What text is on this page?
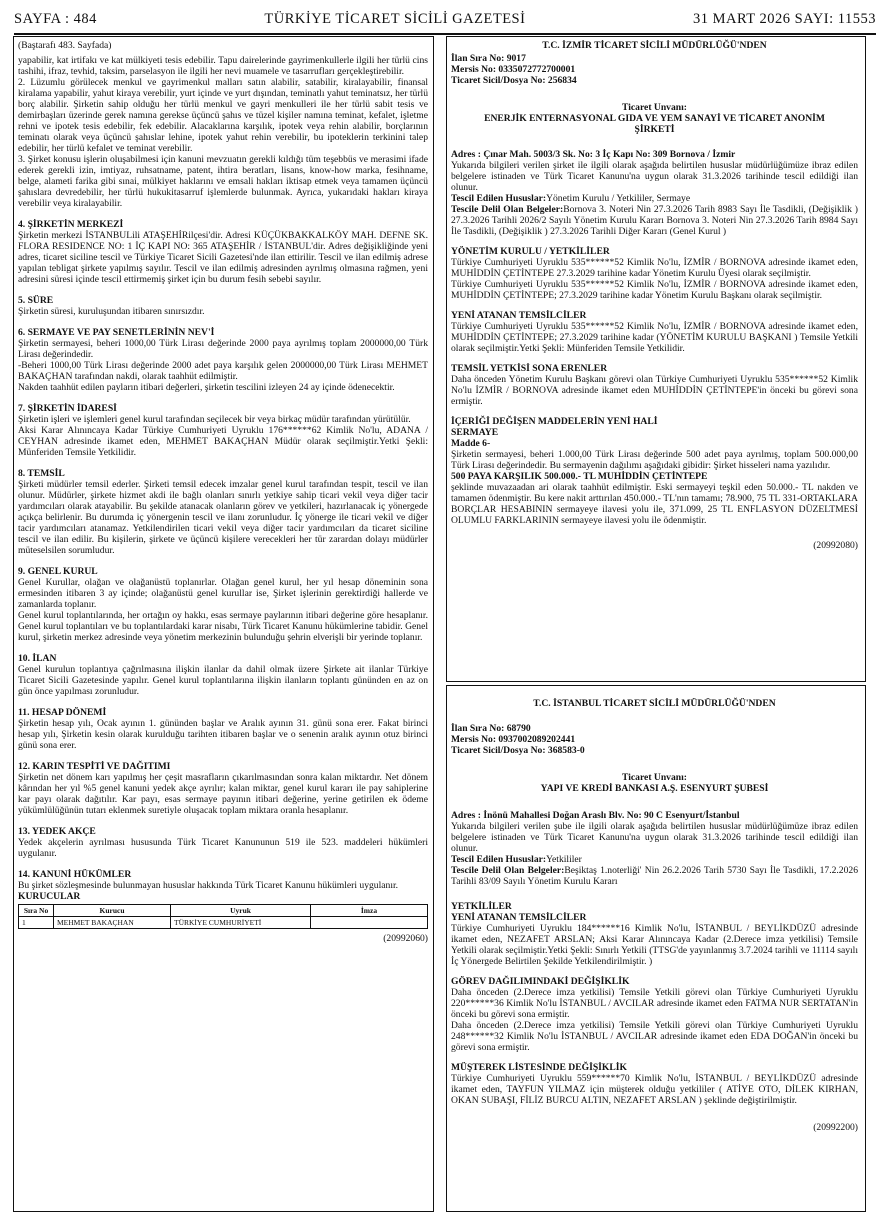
SAYFA : 484	TÜRKİYE TİCARET SİCİLİ GAZETESİ	31 MART 2026 SAYI: 11553

(Baştarafı 483. Sayfada)

yapabilir, kat irtifakı ve kat mülkiyeti tesis edebilir. Tapu dairelerinde gayrimenkullerle ilgili her türlü cins tashihi, ifraz, tevhid, taksim, parselasyon ile ilgili her nevi muamele ve tasarrufları gerçekleştirebilir.

2. Lüzumlu görülecek menkul ve gayrimenkul malları satın alabilir, satabilir, kiralayabilir, finansal kiralama yapabilir, yahut kiraya verebilir, yurt içinde ve yurt dışından, teminatlı yahut teminatsız, her türlü borç alabilir. Şirketin sahip olduğu her türlü menkul ve gayri menkulleri ile her türlü sabit tesis ve demirbaşları üzerinde gerek namına gerekse üçüncü şahıs ve tüzel kişiler namına teminat, kefalet, işletme rehni ve ipotek tesis edebilir, fek edebilir. Alacaklarına karşılık, ipotek veya rehin alabilir, borçlarının teminatı olarak veya üçüncü şahıslar lehine, ipotek yahut rehin verebilir, bu ipoteklerin terkinini talep edebilir, her türlü kefalet ve teminat verebilir.

3. Şirket konusu işlerin oluşabilmesi için kanuni mevzuatın gerekli kıldığı tüm teşebbüs ve merasimi ifade ederek gerekli izin, imtiyaz, ruhsatname, patent, ihtira beratları, lisans, know-how marka, fesihname, belge, alameti farika gibi sınai, mülkiyet haklarını ve emsali hakları iktisap etmek veya tamamen üçüncü şahıslara devredebilir, her türlü hukukitasarruf işlemlerde bulunmak. Ayrıca, yukarıdaki hakları kiraya verebilir veya kiralayabilir.

4. ŞİRKETİN MERKEZİ

Şirketin merkezi İSTANBULili ATAŞEHİRilçesi'dir. Adresi KÜÇÜKBAKKALKÖY MAH. DEFNE SK. FLORA RESIDENCE NO: 1 İÇ KAPI NO: 365 ATAŞEHİR / İSTANBUL'dir. Adres değişikliğinde yeni adres, ticaret siciline tescil ve Türkiye Ticaret Sicili Gazetesi'nde ilan ettirilir. Tescil ve ilan edilmiş adrese yapılan tebligat şirkete yapılmış sayılır. Tescil ve ilan edilmiş adresinden ayrılmış olmasına rağmen, yeni adresini süresi içinde tescil ettirmemiş şirket için bu durum fesih sebebi sayılır.

5. SÜRE

Şirketin süresi, kuruluşundan itibaren sınırsızdır.

6. SERMAYE VE PAY SENETLERİNİN NEV'İ

Şirketin sermayesi, beheri 1000,00 Türk Lirası değerinde 2000 paya ayrılmış toplam 2000000,00 Türk Lirası değerindedir.

-Beheri 1000,00 Türk Lirası değerinde 2000 adet paya karşılık gelen 2000000,00 Türk Lirası MEHMET BAKAÇHAN tarafından nakdi, olarak taahhüt edilmiştir.

Nakden taahhüt edilen payların itibari değerleri, şirketin tescilini izleyen 24 ay içinde ödenecektir.

7. ŞİRKETİN İDARESİ

Şirketin işleri ve işlemleri genel kurul tarafından seçilecek bir veya birkaç müdür tarafından yürütülür.

Aksi Karar Alınıncaya Kadar Türkiye Cumhuriyeti Uyruklu 176******62 Kimlik No'lu, ADANA / CEYHAN adresinde ikamet eden, MEHMET BAKAÇHAN Müdür olarak seçilmiştir.Yetki Şekli: Münferiden Temsile Yetkilidir.

8. TEMSİL

Şirketi müdürler temsil ederler. Şirketi temsil edecek imzalar genel kurul tarafından tespit, tescil ve ilan olunur. Müdürler, şirkete hizmet akdi ile bağlı olanları sınırlı yetkiye sahip ticari vekil veya diğer tacir yardımcıları olarak atayabilir. Bu şekilde atanacak olanların görev ve yetkileri, hazırlanacak iç yönergede açıkça belirlenir. Bu durumda iç yönergenin tescil ve ilanı zorunludur. İç yönerge ile ticari vekil ve diğer tacir yardımcıları atanamaz. Yetkilendirilen ticari vekil veya diğer tacir yardımcıları da ticaret siciline tescil ve ilan edilir. Bu kişilerin, şirkete ve üçüncü kişilere verecekleri her tür zarardan dolayı müdürler müteselsilen sorumludur.

9. GENEL KURUL

Genel Kurullar, olağan ve olağanüstü toplanırlar. Olağan genel kurul, her yıl hesap döneminin sona ermesinden itibaren 3 ay içinde; olağanüstü genel kurullar ise, Şirket işlerinin gerektirdiği hallerde ve zamanlarda toplanır.

Genel kurul toplantılarında, her ortağın oy hakkı, esas sermaye paylarının itibari değerine göre hesaplanır. Genel kurul toplantıları ve bu toplantılardaki karar nisabı, Türk Ticaret Kanunu hükümlerine tabidir. Genel kurul, şirketin merkez adresinde veya yönetim merkezinin bulunduğu şehrin elverişli bir yerinde toplanır.

10. İLAN

Genel kurulun toplantıya çağrılmasına ilişkin ilanlar da dahil olmak üzere Şirkete ait ilanlar Türkiye Ticaret Sicili Gazetesinde yapılır. Genel kurul toplantılarına ilişkin ilanların toplantı gününden en az on gün önce yapılması zorunludur.

11. HESAP DÖNEMİ

Şirketin hesap yılı, Ocak ayının 1. gününden başlar ve Aralık ayının 31. günü sona erer. Fakat birinci hesap yılı, Şirketin kesin olarak kurulduğu tarihten itibaren başlar ve o senenin aralık ayının otuz birinci günü sona erer.

12. KARIN TESPİTİ VE DAĞITIMI

Şirketin net dönem karı yapılmış her çeşit masrafların çıkarılmasından sonra kalan miktardır. Net dönem kârından her yıl %5 genel kanuni yedek akçe ayrılır; kalan miktar, genel kurul kararı ile pay sahiplerine kar payı olarak dağıtılır. Kar payı, esas sermaye payının itibari değerine, yerine getirilen ek ödeme yükümlülüğünün tutarı eklenmek suretiyle oluşacak toplam miktara oranla hesaplanır.

13. YEDEK AKÇE

Yedek akçelerin ayrılması hususunda Türk Ticaret Kanununun 519 ile 523. maddeleri hükümleri uygulanır.

14. KANUNİ HÜKÜMLER

Bu şirket sözleşmesinde bulunmayan hususlar hakkında Türk Ticaret Kanunu hükümleri uygulanır.

KURUCULAR

Sıra No	Kurucu	Uyruk	İmza
1	MEHMET BAKAÇHAN	TÜRKİYE CUMHURİYETİ	

(20992060)

T.C. İZMİR TİCARET SİCİLİ MÜDÜRLÜĞÜ'NDEN

İlan Sıra No: 9017

Mersis No: 0335072772700001

Ticaret Sicil/Dosya No: 256834

Ticaret Unvanı:

ENERJİK ENTERNASYONAL GIDA VE YEM SANAYİ VE TİCARET ANONİM ŞİRKETİ

Adres : Çınar Mah. 5003/3 Sk. No: 3 İç Kapı No: 309 Bornova / İzmir

Yukarıda bilgileri verilen şirket ile ilgili olarak aşağıda belirtilen hususlar müdürlüğümüze ibraz edilen belgelere istinaden ve Türk Ticaret Kanunu'na uygun olarak 31.3.2026 tarihinde tescil edildiği ilan olunur.

Tescil Edilen Hususlar:Yönetim Kurulu / Yetkililer, Sermaye

Tescile Delil Olan Belgeler:Bornova 3. Noteri Nin 27.3.2026 Tarih 8983 Sayı İle Tasdikli, (Değişiklik ) 27.3.2026 Tarihli 2026/2 Sayılı Yönetim Kurulu Kararı Bornova 3. Noteri Nin 27.3.2026 Tarih 8984 Sayı İle Tasdikli, (Değişiklik ) 27.3.2026 Tarihli Diğer Kararı (Genel Kurul )

YÖNETİM KURULU / YETKİLİLER

Türkiye Cumhuriyeti Uyruklu 535******52 Kimlik No'lu, İZMİR / BORNOVA adresinde ikamet eden, MUHİDDİN ÇETİNTEPE 27.3.2029 tarihine kadar Yönetim Kurulu Üyesi olarak seçilmiştir.

Türkiye Cumhuriyeti Uyruklu 535******52 Kimlik No'lu, İZMİR / BORNOVA adresinde ikamet eden, MUHİDDİN ÇETİNTEPE; 27.3.2029 tarihine kadar Yönetim Kurulu Başkanı olarak seçilmiştir.

YENİ ATANAN TEMSİLCİLER

Türkiye Cumhuriyeti Uyruklu 535******52 Kimlik No'lu, İZMİR / BORNOVA adresinde ikamet eden, MUHİDDİN ÇETİNTEPE; 27.3.2029 tarihine kadar (YÖNETİM KURULU BAŞKANI ) Temsile Yetkili olarak seçilmiştir.Yetki Şekli: Münferiden Temsile Yetkilidir.

TEMSİL YETKİSİ SONA ERENLER

Daha önceden Yönetim Kurulu Başkanı görevi olan Türkiye Cumhuriyeti Uyruklu 535******52 Kimlik No'lu İZMİR / BORNOVA adresinde ikamet eden MUHİDDİN ÇETİNTEPE'in önceki bu görevi sona ermiştir.

İÇERİĞİ DEĞİŞEN MADDELERİN YENİ HALİ

SERMAYE

Madde 6-

Şirketin sermayesi, beheri 1.000,00 Türk Lirası değerinde 500 adet paya ayrılmış, toplam 500.000,00 Türk Lirası değerindedir. Bu sermayenin dağılımı aşağıdaki gibidir: Şirket hisseleri nama yazılıdır.

500 PAYA KARŞILIK 500.000.- TL MUHİDDİN ÇETİNTEPE

şeklinde muvazaadan ari olarak taahhüt edilmiştir. Eski sermayeyi teşkil eden 50.000.- TL nakden ve tamamen ödenmiştir. Bu kere nakit arttırılan 450.000.- TL'nın tamamı; 78.900, 75 TL 331-ORTAKLARA BORÇLAR HESABININ sermayeye ilavesi yolu ile, 371.099, 25 TL ENFLASYON DÜZELTMESİ OLUMLU FARKLARININ sermayeye ilavesi yolu ile ödenmiştir.

(20992080)

T.C. İSTANBUL TİCARET SİCİLİ MÜDÜRLÜĞÜ'NDEN

İlan Sıra No: 68790

Mersis No: 0937002089202441

Ticaret Sicil/Dosya No: 368583-0

Ticaret Unvanı:

YAPI VE KREDİ BANKASI A.Ş. ESENYURT ŞUBESİ

Adres : İnönü Mahallesi Doğan Araslı Blv. No: 90 C Esenyurt/İstanbul

Yukarıda bilgileri verilen şube ile ilgili olarak aşağıda belirtilen hususlar müdürlüğümüze ibraz edilen belgelere istinaden ve Türk Ticaret Kanunu'na uygun olarak 31.3.2026 tarihinde tescil edildiği ilan olunur.

Tescil Edilen Hususlar:Yetkililer

Tescile Delil Olan Belgeler:Beşiktaş 1.noterliği' Nin 26.2.2026 Tarih 5730 Sayı İle Tasdikli, 17.2.2026 Tarihli 83/09 Sayılı Yönetim Kurulu Kararı

YETKİLİLER

YENİ ATANAN TEMSİLCİLER

Türkiye Cumhuriyeti Uyruklu 184******16 Kimlik No'lu, İSTANBUL / BEYLİKDÜZÜ adresinde ikamet eden, NEZAFET ARSLAN; Aksi Karar Alınıncaya Kadar (2.Derece imza yetkilisi) Temsile Yetkili olarak seçilmiştir.Yetki Şekli: Sınırlı Yetkili (TTSG'de yayınlanmış 3.7.2024 tarihli ve 11114 sayılı İç Yönergede Belirtilen Şekilde Yetkilendirilmiştir. )

GÖREV DAĞILIMINDAKİ DEĞİŞİKLİK

Daha önceden (2.Derece imza yetkilisi) Temsile Yetkili görevi olan Türkiye Cumhuriyeti Uyruklu 220******36 Kimlik No'lu İSTANBUL / AVCILAR adresinde ikamet eden FATMA NUR SERTATAN'in önceki bu görevi sona ermiştir.

Daha önceden (2.Derece imza yetkilisi) Temsile Yetkili görevi olan Türkiye Cumhuriyeti Uyruklu 248******32 Kimlik No'lu İSTANBUL / AVCILAR adresinde ikamet eden EDA DOĞAN'in önceki bu görevi sona ermiştir.

MÜŞTEREK LİSTESİNDE DEĞİŞİKLİK

Türkiye Cumhuriyeti Uyruklu 559******70 Kimlik No'lu, İSTANBUL / BEYLİKDÜZÜ adresinde ikamet eden, TAYFUN YILMAZ için müşterek olduğu yetkililer ( ATİYE OTO, DİLEK KIRHAN, OKAN SUBAŞI, FİLİZ BURCU ALTIN, NEZAFET ARSLAN ) şeklinde değiştirilmiştir.

(20992200)
